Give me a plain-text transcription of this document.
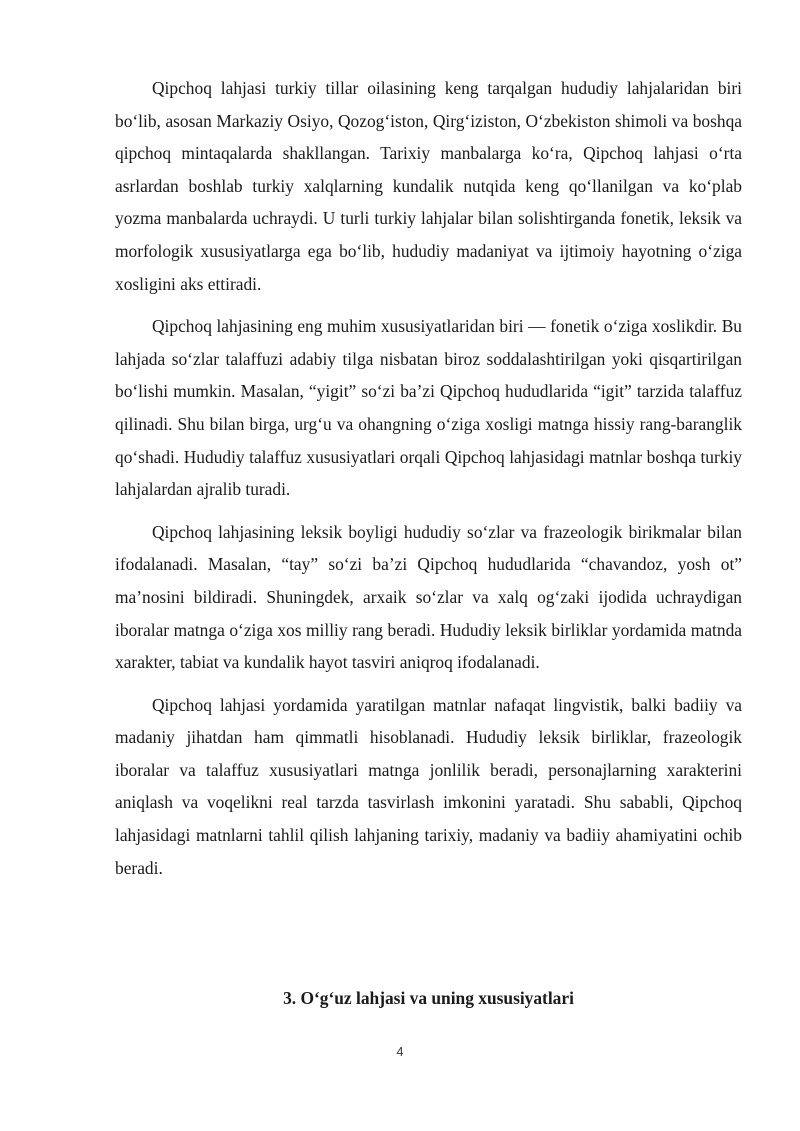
Qipchoq lahjasi turkiy tillar oilasining keng tarqalgan hududiy lahjalaridan biri bo‘lib, asosan Markaziy Osiyo, Qozog‘iston, Qirg‘iziston, O‘zbekiston shimoli va boshqa qipchoq mintaqalarda shakllangan. Tarixiy manbalarga ko‘ra, Qipchoq lahjasi o‘rta asrlardan boshlab turkiy xalqlarning kundalik nutqida keng qo‘llanilgan va ko‘plab yozma manbalarda uchraydi. U turli turkiy lahjalar bilan solishtirganda fonetik, leksik va morfologik xususiyatlarga ega bo‘lib, hududiy madaniyat va ijtimoiy hayotning o‘ziga xosligini aks ettiradi.

Qipchoq lahjasining eng muhim xususiyatlaridan biri — fonetik o‘ziga xoslikdir. Bu lahjada so‘zlar talaffuzi adabiy tilga nisbatan biroz soddalashtirilgan yoki qisqartirilgan bo‘lishi mumkin. Masalan, “yigit” so‘zi ba’zi Qipchoq hududlarida “igit” tarzida talaffuz qilinadi. Shu bilan birga, urg‘u va ohangning o‘ziga xosligi matnga hissiy rang-baranglik qo‘shadi. Hududiy talaffuz xususiyatlari orqali Qipchoq lahjasidagi matnlar boshqa turkiy lahjalardan ajralib turadi.

Qipchoq lahjasining leksik boyligi hududiy so‘zlar va frazeologik birikmalar bilan ifodalanadi. Masalan, “tay” so‘zi ba’zi Qipchoq hududlarida “chavandoz, yosh ot” ma’nosini bildiradi. Shuningdek, arxaik so‘zlar va xalq og‘zaki ijodida uchraydigan iboralar matnga o‘ziga xos milliy rang beradi. Hududiy leksik birliklar yordamida matnda xarakter, tabiat va kundalik hayot tasviri aniqroq ifodalanadi.

Qipchoq lahjasi yordamida yaratilgan matnlar nafaqat lingvistik, balki badiiy va madaniy jihatdan ham qimmatli hisoblanadi. Hududiy leksik birliklar, frazeologik iboralar va talaffuz xususiyatlari matnga jonlilik beradi, personajlarning xarakterini aniqlash va voqelikni real tarzda tasvirlash imkonini yaratadi. Shu sababli, Qipchoq lahjasidagi matnlarni tahlil qilish lahjaning tarixiy, madaniy va badiiy ahamiyatini ochib beradi.

3. O‘g‘uz lahjasi va uning xususiyatlari
4
